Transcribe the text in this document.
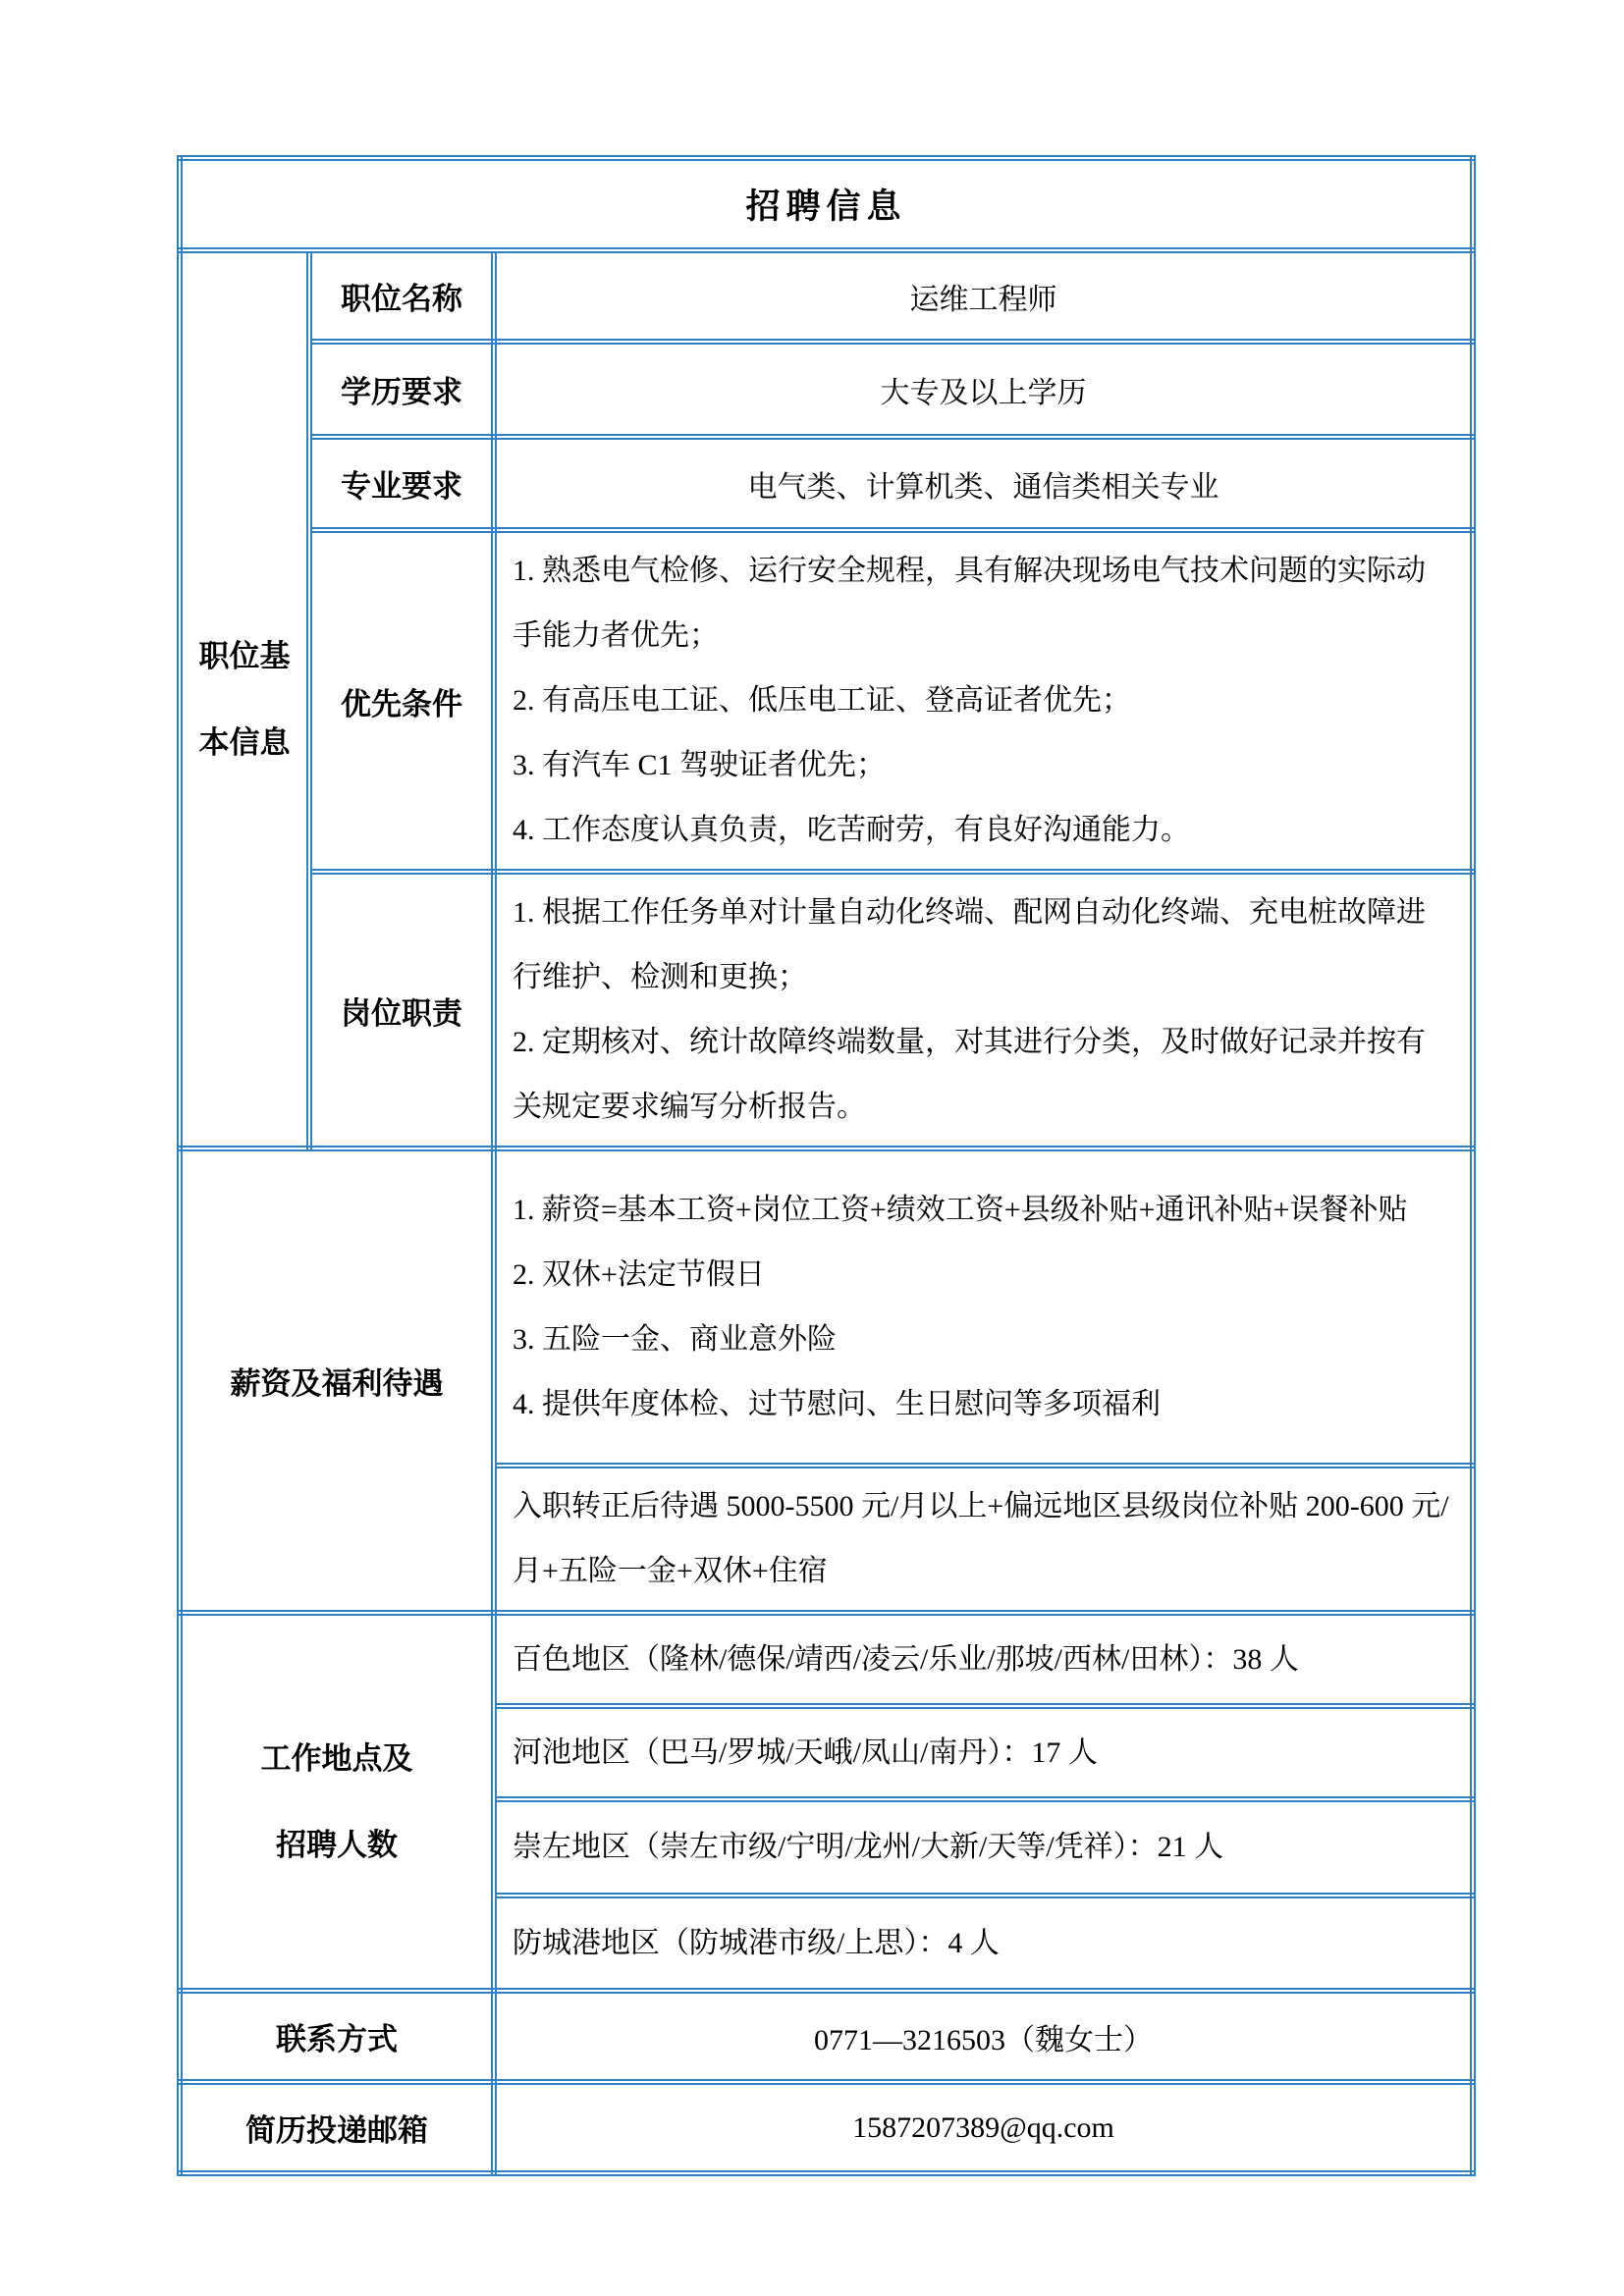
招聘信息		

职位基
本信息	职位名称	运维工程师
	学历要求	大专及以上学历
	专业要求	电气类、计算机类、通信类相关专业
	优先条件	1. 熟悉电气检修、运行安全规程，具有解决现场电气技术问题的实际动手能力者优先；
2. 有高压电工证、低压电工证、登高证者优先；
3. 有汽车 C1 驾驶证者优先；
4. 工作态度认真负责，吃苦耐劳，有良好沟通能力。

	岗位职责	1. 根据工作任务单对计量自动化终端、配网自动化终端、充电桩故障进行维护、检测和更换；
2. 定期核对、统计故障终端数量，对其进行分类，及时做好记录并按有关规定要求编写分析报告。

薪资及福利待遇		1. 薪资=基本工资+岗位工资+绩效工资+县级补贴+通讯补贴+误餐补贴
2. 双休+法定节假日
3. 五险一金、商业意外险
4. 提供年度体检、过节慰问、生日慰问等多项福利

		入职转正后待遇 5000-5500 元/月以上+偏远地区县级岗位补贴 200-600 元/月+五险一金+双休+住宿

工作地点及
招聘人数		百色地区（隆林/德保/靖西/凌云/乐业/那坡/西林/田林）：38 人
		河池地区（巴马/罗城/天峨/凤山/南丹）：17 人
		崇左地区（崇左市级/宁明/龙州/大新/天等/凭祥）：21 人
		防城港地区（防城港市级/上思）：4 人
联系方式		0771—3216503（魏女士）
简历投递邮箱		1587207389@qq.com
